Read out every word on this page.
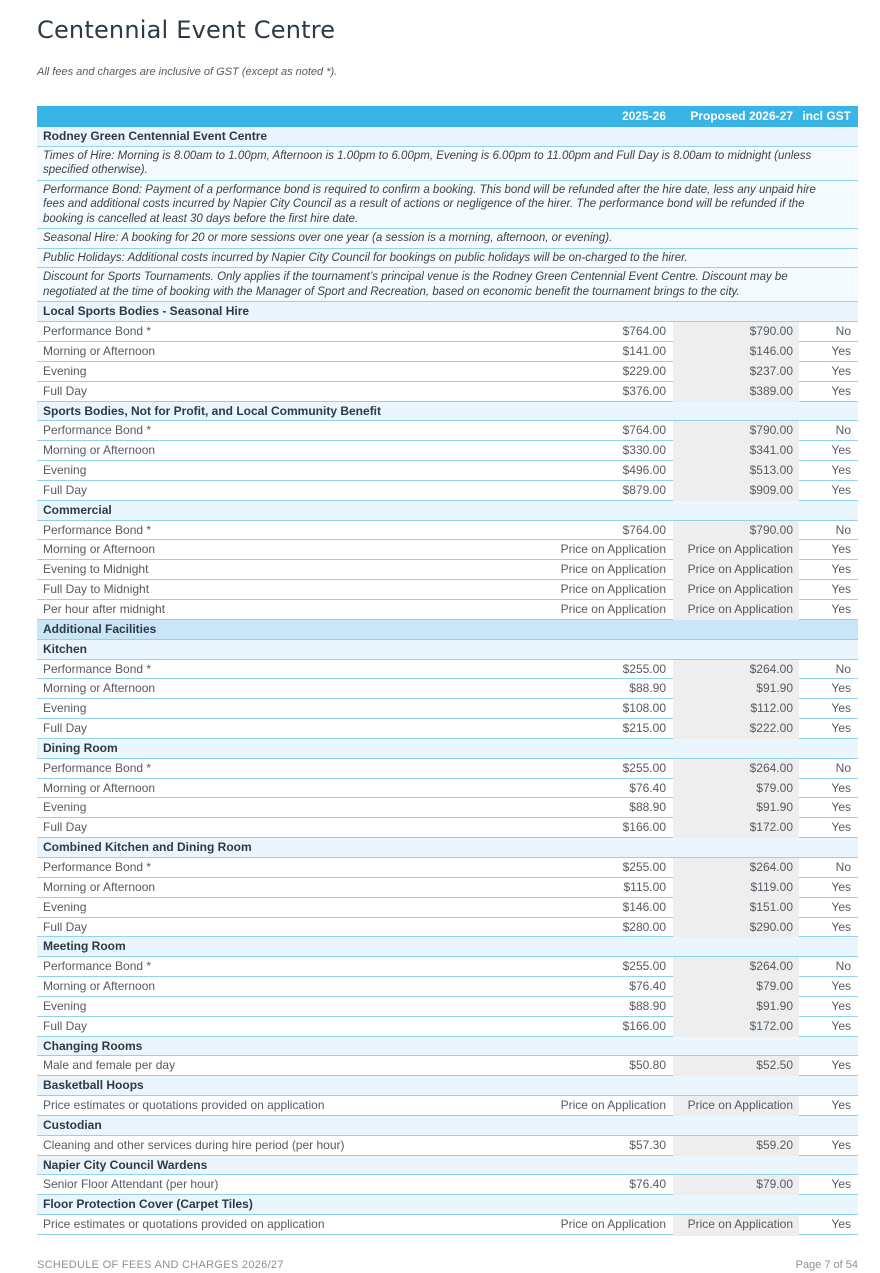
Centennial Event Centre
All fees and charges are inclusive of GST (except as noted *).
2025-26 Proposed 2026-27 incl GST
Rodney Green Centennial Event Centre
Times of Hire: Morning is 8.00am to 1.00pm, Afternoon is 1.00pm to 6.00pm, Evening is 6.00pm to 11.00pm and Full Day is 8.00am to midnight (unless specified otherwise).
Performance Bond: Payment of a performance bond is required to confirm a booking. This bond will be refunded after the hire date, less any unpaid hire fees and additional costs incurred by Napier City Council as a result of actions or negligence of the hirer. The performance bond will be refunded if the booking is cancelled at least 30 days before the first hire date.
Seasonal Hire: A booking for 20 or more sessions over one year (a session is a morning, afternoon, or evening).
Public Holidays: Additional costs incurred by Napier City Council for bookings on public holidays will be on-charged to the hirer.
Discount for Sports Tournaments. Only applies if the tournament’s principal venue is the Rodney Green Centennial Event Centre. Discount may be negotiated at the time of booking with the Manager of Sport and Recreation, based on economic benefit the tournament brings to the city.
Local Sports Bodies - Seasonal Hire
Performance Bond *	$764.00	$790.00	No
Morning or Afternoon	$141.00	$146.00	Yes
Evening	$229.00	$237.00	Yes
Full Day	$376.00	$389.00	Yes
Sports Bodies, Not for Profit, and Local Community Benefit
Performance Bond *	$764.00	$790.00	No
Morning or Afternoon	$330.00	$341.00	Yes
Evening	$496.00	$513.00	Yes
Full Day	$879.00	$909.00	Yes
Commercial
Performance Bond *	$764.00	$790.00	No
Morning or Afternoon	Price on Application Price on Application	Yes
Evening to Midnight	Price on Application Price on Application	Yes
Full Day to Midnight	Price on Application Price on Application	Yes
Per hour after midnight	Price on Application Price on Application	Yes
Additional Facilities
Kitchen
Performance Bond *	$255.00	$264.00	No
Morning or Afternoon	$88.90	$91.90	Yes
Evening	$108.00	$112.00	Yes
Full Day	$215.00	$222.00	Yes
Dining Room
Performance Bond *	$255.00	$264.00	No
Morning or Afternoon	$76.40	$79.00	Yes
Evening	$88.90	$91.90	Yes
Full Day	$166.00	$172.00	Yes
Combined Kitchen and Dining Room
Performance Bond *	$255.00	$264.00	No
Morning or Afternoon	$115.00	$119.00	Yes
Evening	$146.00	$151.00	Yes
Full Day	$280.00	$290.00	Yes
Meeting Room
Performance Bond *	$255.00	$264.00	No
Morning or Afternoon	$76.40	$79.00	Yes
Evening	$88.90	$91.90	Yes
Full Day	$166.00	$172.00	Yes
Changing Rooms
Male and female per day	$50.80	$52.50	Yes
Basketball Hoops
Price estimates or quotations provided on application	Price on Application Price on Application	Yes
Custodian
Cleaning and other services during hire period (per hour)	$57.30	$59.20	Yes
Napier City Council Wardens
Senior Floor Attendant (per hour)	$76.40	$79.00	Yes
Floor Protection Cover (Carpet Tiles)
Price estimates or quotations provided on application	Price on Application Price on Application	Yes
SCHEDULE OF FEES AND CHARGES 2026/27	Page 7 of 54
